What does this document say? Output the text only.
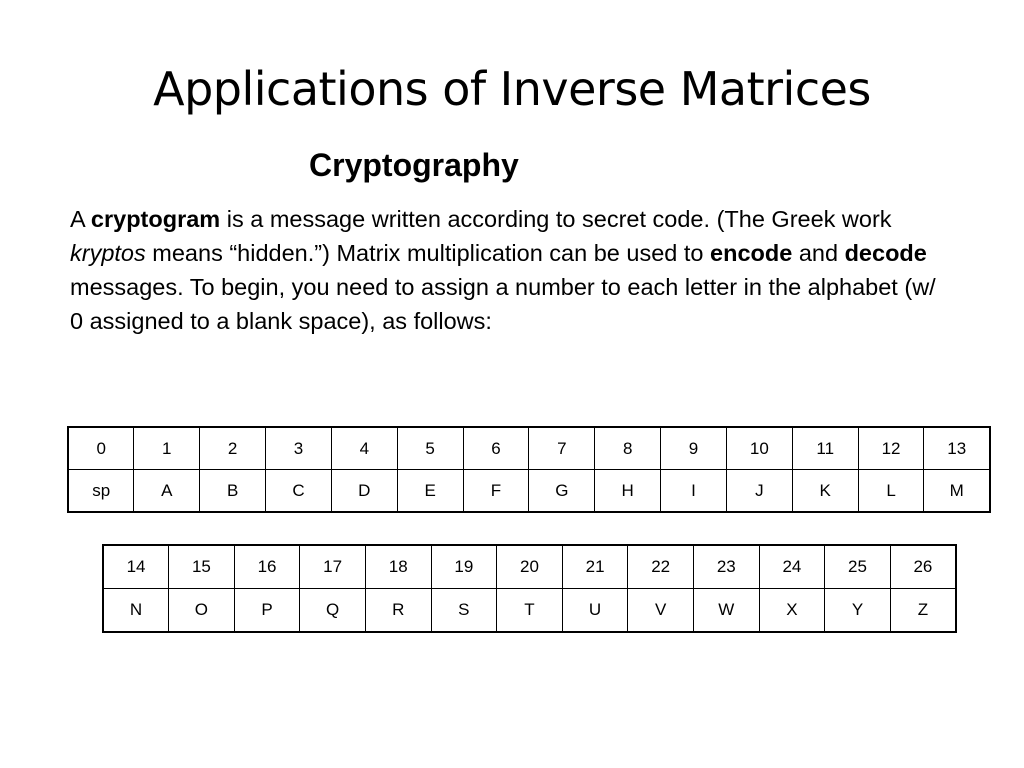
Applications of Inverse Matrices
Cryptography

A cryptogram is a message written according to secret code. (The Greek work kryptos means “hidden.”) Matrix multiplication can be used to encode and decode messages. To begin, you need to assign a number to each letter in the alphabet (w/ 0 assigned to a blank space), as follows:

0	1	2	3	4	5	6	7	8	9	10	11	12	13
sp	A	B	C	D	E	F	G	H	I	J	K	L	M
14	15	16	17	18	19	20	21	22	23	24	25	26
N	O	P	Q	R	S	T	U	V	W	X	Y	Z
